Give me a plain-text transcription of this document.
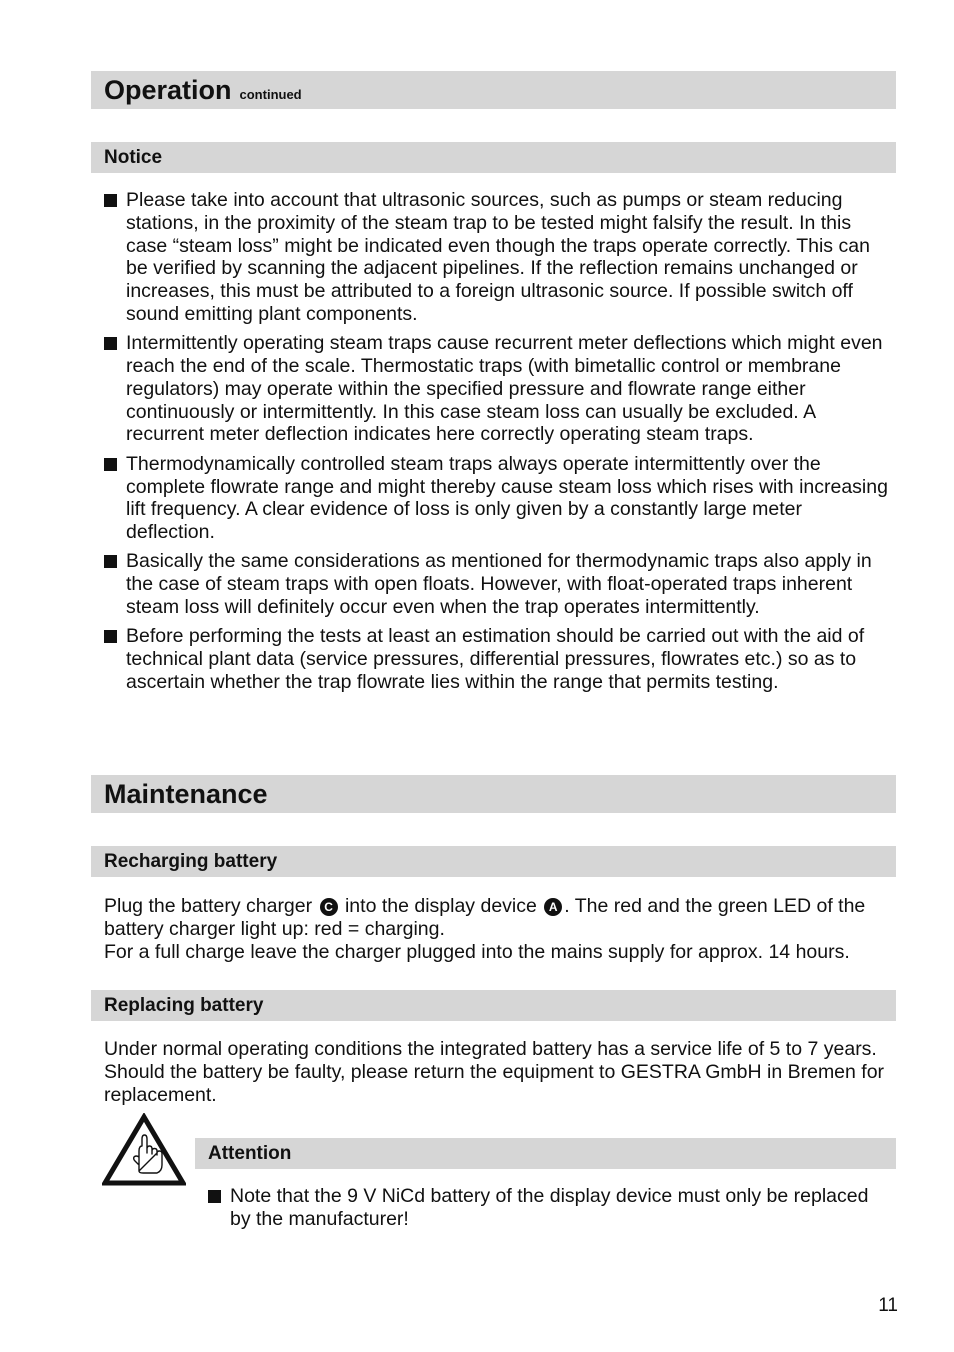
Operation continued
Notice
Please take into account that ultrasonic sources, such as pumps or steam reducing stations, in the proximity of the steam trap to be tested might falsify the result. In this case “steam loss” might be indicated even though the traps operate correctly. This can be verified by scanning the adjacent pipelines. If the reflection remains unchanged or increases, this must be attributed to a foreign ultrasonic source. If possible switch off sound emitting plant components.
Intermittently operating steam traps cause recurrent meter deflections which might even reach the end of the scale. Thermostatic traps (with bimetallic control or membrane regulators) may operate within the specified pressure and flowrate range either continuously or intermittently. In this case steam loss can usually be excluded. A recurrent meter deflection indicates here correctly operating steam traps.
Thermodynamically controlled steam traps always operate intermittently over the complete flowrate range and might thereby cause steam loss which rises with increasing lift frequency. A clear evidence of loss is only given by a constantly large meter deflection.
Basically the same considerations as mentioned for thermodynamic traps also apply in the case of steam traps with open floats. However, with float-operated traps inherent steam loss will definitely occur even when the trap operates intermittently.
Before performing the tests at least an estimation should be carried out with the aid of technical plant data (service pressures, differential pressures, flowrates etc.) so as to ascertain whether the trap flowrate lies within the range that permits testing.
Maintenance
Recharging battery
Plug the battery charger C into the display device A . The red and the green LED of the battery charger light up: red = charging.
For a full charge leave the charger plugged into the mains supply for approx. 14 hours.
Replacing battery
Under normal operating conditions the integrated battery has a service life of 5 to 7 years. Should the battery be faulty, please return the equipment to GESTRA GmbH in Bremen for replacement.
Attention
Note that the 9 V NiCd battery of the display device must only be replaced by the manufacturer!
11
